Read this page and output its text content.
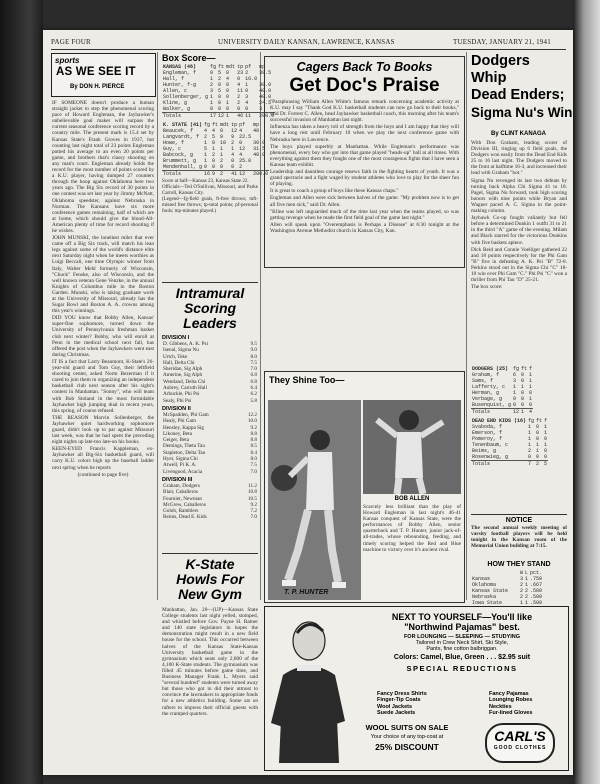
PAGE FOUR	UNIVERSITY DAILY KANSAN, LAWRENCE, KANSAS	TUESDAY, JANUARY 21, 1941
sports
AS WE SEE IT
By DON H. PIERCE

IF SOMEONE doesn't produce a human straight jacket to step the phenomenal scoring pace of Howard Engleman, the Jayhawker's unbelievable goal maker will surpass the current seasonal conference scoring record by a country mile. The present mark is 15.4 set by Kansas State's Frank Groves in 1937, but counting last night total of 23 points Engleman potted his average to an even 20 points per game, and brothers that's classy shooting on any man's court. Engleman already holds the record for the most number of points scored by a K.U. player, having dumped 27 counters through the hoop against Oklahoma here two years ago. The Big Six record of 30 points in one contest was set last year by Jimmy McNatt, Oklahoma speedster, against Nebraska in Norman. The Kansans have six more conference games remaining, half of which are at home, which should give the blond-All-American plenty of time for record shooting if he wishes.

JOHN MUNSKI, the loneliest miler that ever came off a Big Six track, will match his lean legs against some of the world's distance elite next Saturday night when he meets worthies as Luigi Beccali, one time Olympic winner from Italy, Walter Mehl formerly of Wisconsin, "Chuck" Fenske, also of Wisconsin, and the well known veteran Gene Venzke, in the annual Knights of Columbus mile in the Boston Garden. Munski, who is taking graduate work at the University of Missouri, already has the Sugar Bowl and Boston A. A. crowns among this year's winnings.

DID YOU know that Bobby Allen, Kansas' super-fine sophomore, turned down the University of Pennsylvania freshman basket club next winter? Bobby, who will enroll at Penn in the medical school next fall, has offered the post when the Jayhawkers went east during Christmas.

IT IS a fact that Larry Beaumont, K-State's 26-year-old guard and Tom Guy, their leftfield shooting center, asked Norm Bezerman if it cared to join them in organizing an independent basketball club next season after his sight's contest in Manhattan. "Sonny", who will team with Bob Stoland in the most formidable Jayhawker high jumping dual in recent years, this spring, of course refused.

THE REASON Marvin Sollenberger, the Jayhawker quiet hardworking sophomore guard, didn't look up to par against Missouri last week, was that he had spent the preceding eight nights up late-too late-on his books.

KEEN-EYED Francis Kappleman, ex-Jayhawker all Big-Six basketball guard, will carry K.U. colors high up the baseball ladder next spring when he reports

(continued to page five)

Box Score—
KANSAS (46)	fg	ft	mdt	tp	pf	mp
Engleman, f	9	5	0	23	2	39.5
Hall, f	1	2	4	0	16.0	
Hunter, f-g	2	0	0	4	1	30.0
Allen, c	3	5	0	11	0	40.0
Sollenberger, g	1	0	0	2	3	40.0
Kline, g	1	0	1	2	4	24.5
Walker, g	0	0	0	0	0	3
Totals	17	12	1	46	11	200.0
K. STATE (41)	fg	ft	mdt	tp	pf	mp
Beaucek, f	4	4	0	12	4	40
Langvardt, f	2	5	9	9	22.5	
Howe, f	1	0	10	2	0	30.0
Guy, c	5	1	1	1	12	31.5
Babcock, g	1	2	1	4	4	40.0
Brummett, g	1	0	2	0	25.0	
Mendenhall, g	0	0	0	0	2	
Totals	16	9	2	41	12	200.0
Score at half—Kansas 23, Kansas State 22.
Officials—Ted O'Sullivan, Missouri, and Parke Carroll, Kansas City.
(Legend—fg-field goals, ft-free throws; mft-missed free throws; tp-total points; pf-personal fouls; mp-minutes played.)
Intramural
Scoring
Leaders
DIVISION I
D. Gibbens, A. K. Psi	9.5
Isenal, Sigma Nu	9.0
Urtch, Teke	8.0
Hall, Delta Chi	7.5
Sheridan, Sig Alph	7.0
Amerine, Sig Alph	6.8
Wentland, Delta Chi	6.8
Aubrey, Carruth Hall	6.4
Arbuckle, Phi Psi	6.2
Sealy, Phi Psi	5.8
DIVISION II
McSpadden, Phi Gam	12.2
Healy, Phi Gam	10.0
Hensley, Kappa Sig	9.2
Likoney, Beta	8.8
Geiger, Beta	8.8
Demings, Theta Tau	8.5
Stapleton, Delta Tau	8.4
Hyer, Sigma Chi	8.0
Atwell, Pi K. A.	7.5
Livengood, Acacia	7.0
DIVISION III
Graham, Dodgers	11.2
Blair, Caballeros	10.8
Fournier, Newman	10.5
McGrew, Caballeros	9.2
Golob, Ramblers	7.2
Beims, Dead E. Kids	7.0
K-State
Howls For
New Gym
Manhattan, Jan. 20—(UP)—Kansas State College students last night yelled, stomped, and whistled before Gov. Payne H. Ratner and 140 state legislators in hopes the demonstration might result in a new field house for the school. This occurred between halves of the Kansas State-Kansas University basketball game in the gymnasium which seats only 2,800 of the 4,100 K-State students. The gymnasium was filled 45 minutes before game time, and Business Manager Frank L. Myers said "several hundred" students were turned away but those who got in did their utmost to convince the lawmakers to appropriate funds for a new athletics building. Some sat on rafters to impress their official guests with the cramped quarters.
Cagers Back To Books
Get Doc's Praise

"Paraphrasing William Allen White's famous remark concerning academic activity at K.U. may I say "Thank God K.U. basketball students can now go back to their books," said Dr. Forrest C. Allen, head Jayhawker basketball coach, this morning after his team's successful invasion of Manhattan last night.

Influenza has taken a heavy toll of strength from the boys and I am happy that they will have a long rest until February 10 when we play the next conference game with Nebraska here in Lawrence.

The boys played superbly at Manhattan. While Engleman's performance was phenomenal, every boy who got into that game played "heads-up" ball at all times. With everything against them they fought one of the most courageous fights that I have seen a Kansas team exhibit.

Leadership and dauntless courage renews faith in the fighting hearts of youth. It was a grand spectacle and a fight waged by student athletes who love to play for the sheer fun of playing.

It is great to coach a group of boys like these Kansas chaps."

Engleman and Allen were sick between halves of the game. "My problem now is to get all five men sick," said Dr. Allen.

"Kline was left unguarded much of the time last year when the teams played, so was getting revenge when he made the first field goal of the game last night."

Allen will speak upon "Overemphasis is Perhaps a Disease" at 6:30 tonight at the Washington Avenue Methodist church in Kansas City, Kan.

They Shine Too—
T. P. HUNTER
BOB ALLEN
Scarcely less brilliant than the play of Howard Engleman in last night's 46-41 Kansas conquest of Kansas State, were the performances of Bobby Allen, senior quarterback and T. P. Hunter, junior jack-of-all-trades, whose rebounding, feeding, and timely scoring helped the Red and Blue machine to victory over it's ancient rival.
Dodgers Whip
Dead Enders;
Sigma Nu's Win
By CLINT KANAGA

With Don Graham, leading scorer of Division III, ringing up 6 field goals, the Dodgers won easily from the Dead End Kids 25 to 16 last night. The Dodgers moved to the front at halftime 16-3, and increased their lead with Graham "hot."

Sigma Nu revenged its last two defeats by turning back Alpha Chi Sigma 41 to 18. Pagel, Sigma Nu forward, took high scoring honors with nine points while Bryan and Wagner paced A. C. Sigma in the point-making column.

Jayhawk Co-op fought valiantly but fell before a determined Dunkin 1 outfit 31 to 21 in the third "A" game of the evening. Milam and Black starred for the victorious Dunkins with five baskets apiece.

Dick Reid and Connie Voelliger gathered 22 and 18 points respectively for the Phi Gam "B" five in defeating A. K. Psi "B" 72-8. Perkins stood out in the Sigma Chi "C" 18-10 win over Phi Gam "C." Phi Psi "C" won a thriller from Phi Tau "D" 25-21.

The box score:

DODGERS (25)	fg	ft	f
Graham, f	6	0	1
Sams, f	3	0	1
Lafferty, c	1	1	1
Herman, g	1	0	0
Verbage, g	0	0	1
Busenquist, g	0	0	0
Totals	12	1	4
DEAD END KIDS (16)	fg	ft	f
Svaboda, f	1	0	1
Emerson, f	1	0	1
Pomeroy, f	1	0	0
Tenenbaum, c	1	1	1
Beims, g	2	1	0
Rosenwieg, g	0	0	0
Totals	7	2	5
NOTICE
The second annual weekly meeting of varsity football players will be held tonight in the Kansan room of the Memorial Union building at 7:15.
HOW THEY STAND
	W	L	pct.
Kansas	3	1	.750
Oklahoma	2	1	.667
Kansas State	2	2	.500
Nebraska	2	2	.500
Iowa State	1	1	.500

NEXT TO YOURSELF—You'll like
"Northwind Pajamas" best.
FOR LOUNGING — SLEEPING — STUDYING
Tailored in Crew Neck Shirt, Ski Style,
Pants, fine cotton balbriggan.
Colors: Camel, Blue, Green . . . $2.95 suit
SPECIAL REDUCTIONS
Fancy Dress Shirts
Finger-Tip Coats
Wool Jackets
Suede Jackets
Fancy Pajamas
Lounging Robes
Neckties
Fur-lined Gloves
WOOL SUITS ON SALE
Your choice of any top-coat at
25% DISCOUNT
CARL'S
GOOD CLOTHES
